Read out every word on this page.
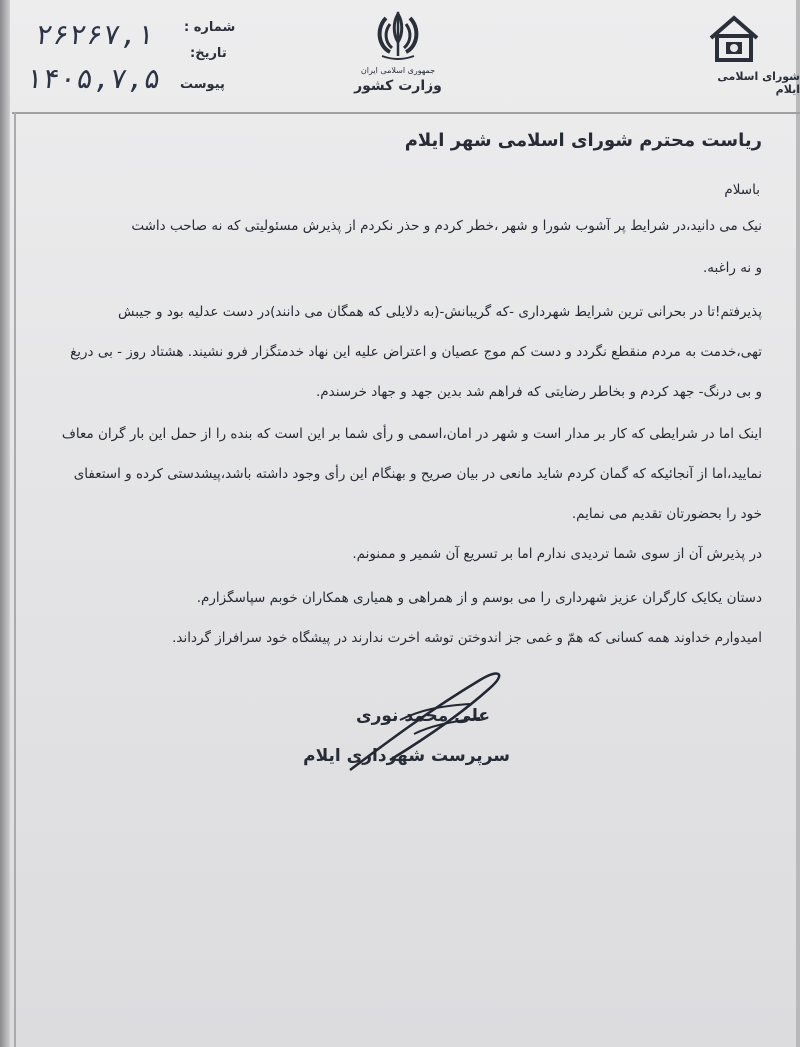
۲۶۲۶۷,۱
۱۴۰۵,۷,۵
شماره :
تاریخ:
پیوست
جمهوری اسلامی ایران
وزارت کشور
شورای اسلامی ایلام
ریاست محترم شورای اسلامی شهر ایلام
باسلام
نیک می دانید،در شرایط پر آشوب شورا و شهر ،خطر کردم و حذر نکردم از پذیرش مسئولیتی که نه صاحب داشت
و نه راغبه.
پذیرفتم!تا در بحرانی ترین شرایط شهرداری -که گریبانش-(به دلایلی که همگان می دانند)در دست عدلیه بود و جیبش
تهی،خدمت به مردم منقطع نگردد و دست کم موج عصیان و اعتراض علیه این نهاد خدمتگزار فرو نشیند. هشتاد روز - بی دریغ
و بی درنگ- جهد کردم و بخاطر رضایتی که فراهم شد بدین جهد و جهاد خرسندم.
اینک اما در شرایطی که کار بر مدار است و شهر در امان،اسمی و رأی شما بر این است که بنده را از حمل این بار گران معاف
نمایید،اما از آنجائیکه که گمان کردم شاید مانعی در بیان صریح و بهنگام این رأی وجود داشته باشد،پیشدستی کرده و استعفای
خود را بحضورتان تقدیم می نمایم.
در پذیرش آن از سوی شما تردیدی ندارم اما بر تسریع آن شمیر و ممنونم.
دستان یکایک کارگران عزیز شهرداری را می بوسم و از همراهی و همیاری همکاران خوبم سپاسگزارم.
امیدوارم خداوند همه کسانی که همّ و غمی جز اندوختن توشه اخرت ندارند در پیشگاه خود سرافراز گرداند.
علی محمد نوری
سرپرست شهرداری ایلام
